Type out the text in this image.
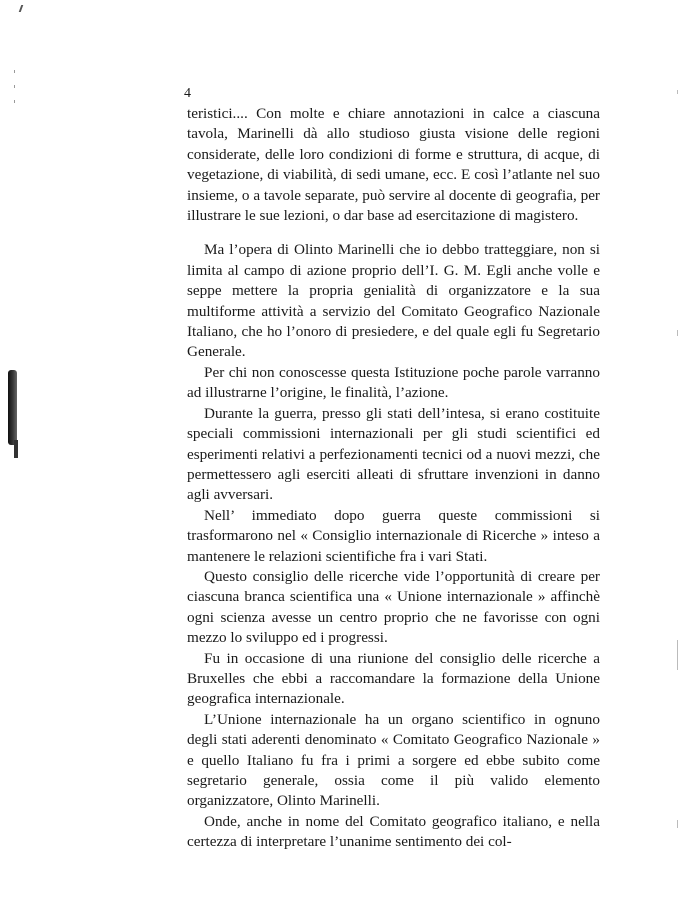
4

teristici.... Con molte e chiare annotazioni in calce a ciascuna tavola, Marinelli dà allo studioso giusta visione delle regioni considerate, delle loro condizioni di forme e struttura, di acque, di vegetazione, di viabilità, di sedi umane, ecc. E così l’atlante nel suo insieme, o a tavole separate, può servire al docente di geografia, per illustrare le sue lezioni, o dar base ad esercitazione di magistero.

Ma l’opera di Olinto Marinelli che io debbo tratteggiare, non si limita al campo di azione proprio dell’I. G. M. Egli anche volle e seppe mettere la propria genialità di organizzatore e la sua multiforme attività a servizio del Comitato Geografico Nazionale Italiano, che ho l’onoro di presiedere, e del quale egli fu Segretario Generale.

Per chi non conoscesse questa Istituzione poche parole varranno ad illustrarne l’origine, le finalità, l’azione.

Durante la guerra, presso gli stati dell’intesa, si erano costituite speciali commissioni internazionali per gli studi scientifici ed esperimenti relativi a perfezionamenti tecnici od a nuovi mezzi, che permettessero agli eserciti alleati di sfruttare invenzioni in danno agli avversari.

Nell’ immediato dopo guerra queste commissioni si trasformarono nel « Consiglio internazionale di Ricerche » inteso a mantenere le relazioni scientifiche fra i vari Stati.

Questo consiglio delle ricerche vide l’opportunità di creare per ciascuna branca scientifica una « Unione internazionale » affinchè ogni scienza avesse un centro proprio che ne favorisse con ogni mezzo lo sviluppo ed i progressi.

Fu in occasione di una riunione del consiglio delle ricerche a Bruxelles che ebbi a raccomandare la formazione della Unione geografica internazionale.

L’Unione internazionale ha un organo scientifico in ognuno degli stati aderenti denominato « Comitato Geografico Nazionale » e quello Italiano fu fra i primi a sorgere ed ebbe subito come segretario generale, ossia come il più valido elemento organizzatore, Olinto Marinelli.

Onde, anche in nome del Comitato geografico italiano, e nella certezza di interpretare l’unanime sentimento dei col-
